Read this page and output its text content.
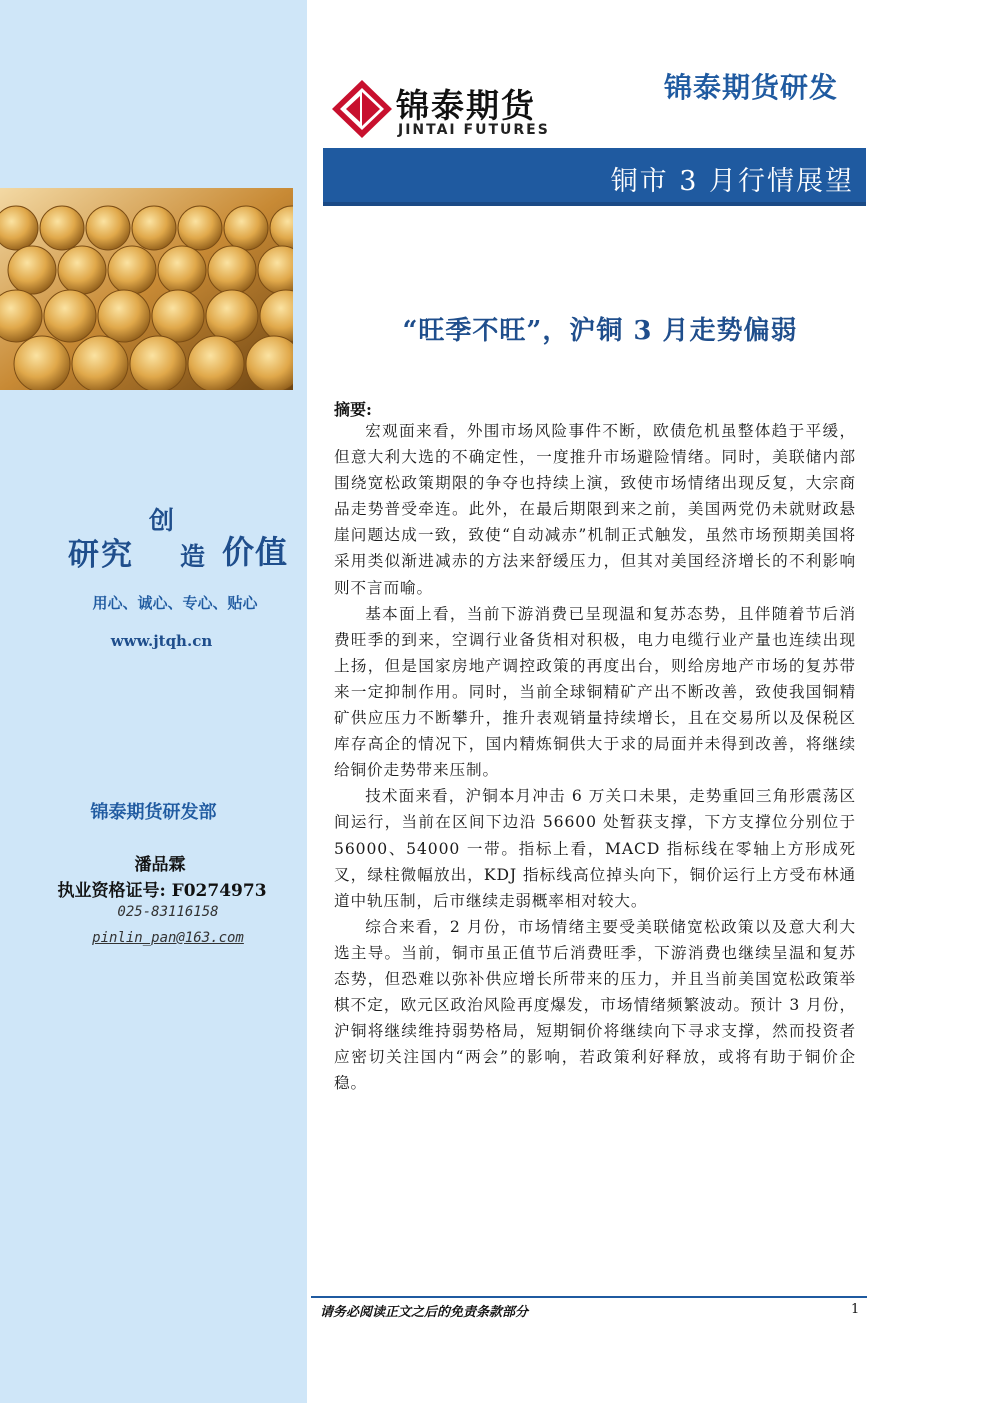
研究
创
造 价值
用心、诚心、专心、贴心
www.jtqh.cn
锦泰期货研发部
潘品霖
执业资格证号: F0274973
025-83116158
pinlin_pan@163.com
锦泰期货
JINTAI FUTURES
锦泰期货研发
铜市 3 月行情展望
“旺季不旺”，沪铜 3 月走势偏弱
摘要:

宏观面来看，外围市场风险事件不断，欧债危机虽整体趋于平缓，但意大利大选的不确定性，一度推升市场避险情绪。同时，美联储内部围绕宽松政策期限的争夺也持续上演，致使市场情绪出现反复，大宗商品走势普受牵连。此外，在最后期限到来之前，美国两党仍未就财政悬崖问题达成一致，致使“自动减赤”机制正式触发，虽然市场预期美国将采用类似渐进减赤的方法来舒缓压力，但其对美国经济增长的不利影响则不言而喻。

基本面上看，当前下游消费已呈现温和复苏态势，且伴随着节后消费旺季的到来，空调行业备货相对积极，电力电缆行业产量也连续出现上扬，但是国家房地产调控政策的再度出台，则给房地产市场的复苏带来一定抑制作用。同时，当前全球铜精矿产出不断改善，致使我国铜精矿供应压力不断攀升，推升表观销量持续增长，且在交易所以及保税区库存高企的情况下，国内精炼铜供大于求的局面并未得到改善，将继续给铜价走势带来压制。

技术面来看，沪铜本月冲击 6 万关口未果，走势重回三角形震荡区间运行，当前在区间下边沿 56600 处暂获支撑，下方支撑位分别位于 56000、54000 一带。指标上看，MACD 指标线在零轴上方形成死叉，绿柱微幅放出，KDJ 指标线高位掉头向下，铜价运行上方受布林通道中轨压制，后市继续走弱概率相对较大。

综合来看，2 月份，市场情绪主要受美联储宽松政策以及意大利大选主导。当前，铜市虽正值节后消费旺季，下游消费也继续呈温和复苏态势，但恐难以弥补供应增长所带来的压力，并且当前美国宽松政策举棋不定，欧元区政治风险再度爆发，市场情绪频繁波动。预计 3 月份，沪铜将继续维持弱势格局，短期铜价将继续向下寻求支撑，然而投资者应密切关注国内“两会”的影响，若政策利好释放，或将有助于铜价企稳。

请务必阅读正文之后的免责条款部分	1
